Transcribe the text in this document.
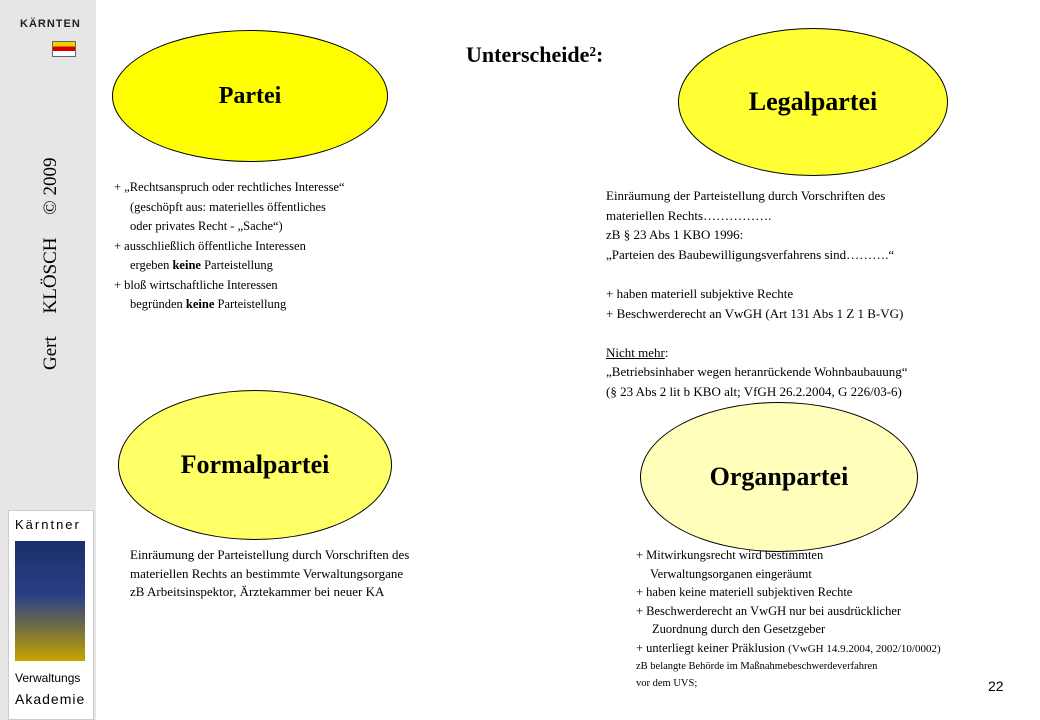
KÄRNTEN
Gert KLÖSCH © 2009
Kärntner
Verwaltungs
Akademie
Unterscheide²:
Partei	Legalpartei
Formalpartei	Organpartei
+ „Rechtsanspruch oder rechtliches Interesse“
(geschöpft aus: materielles öffentliches
oder privates Recht - „Sache“)
+ ausschließlich öffentliche Interessen
ergeben keine Parteistellung
+ bloß wirtschaftliche Interessen
begründen keine Parteistellung
Einräumung der Parteistellung durch Vorschriften des
materiellen Rechts…………….
zB § 23 Abs 1 KBO 1996:
„Parteien des Baubewilligungsverfahrens sind……….“
+ haben materiell subjektive Rechte
+ Beschwerderecht an VwGH (Art 131 Abs 1 Z 1 B-VG)
Nicht mehr:
„Betriebsinhaber wegen heranrückende Wohnbaubauung“
(§ 23 Abs 2 lit b KBO alt; VfGH 26.2.2004, G 226/03-6)
Einräumung der Parteistellung durch Vorschriften des
materiellen Rechts an bestimmte Verwaltungsorgane
zB Arbeitsinspektor, Ärztekammer bei neuer KA
+ Mitwirkungsrecht wird bestimmten
Verwaltungsorganen eingeräumt
+ haben keine materiell subjektiven Rechte
+ Beschwerderecht an VwGH nur bei ausdrücklicher
Zuordnung durch den Gesetzgeber
+ unterliegt keiner Präklusion (VwGH 14.9.2004, 2002/10/0002)
zB belangte Behörde im Maßnahmebeschwerdeverfahren
vor dem UVS;	22
